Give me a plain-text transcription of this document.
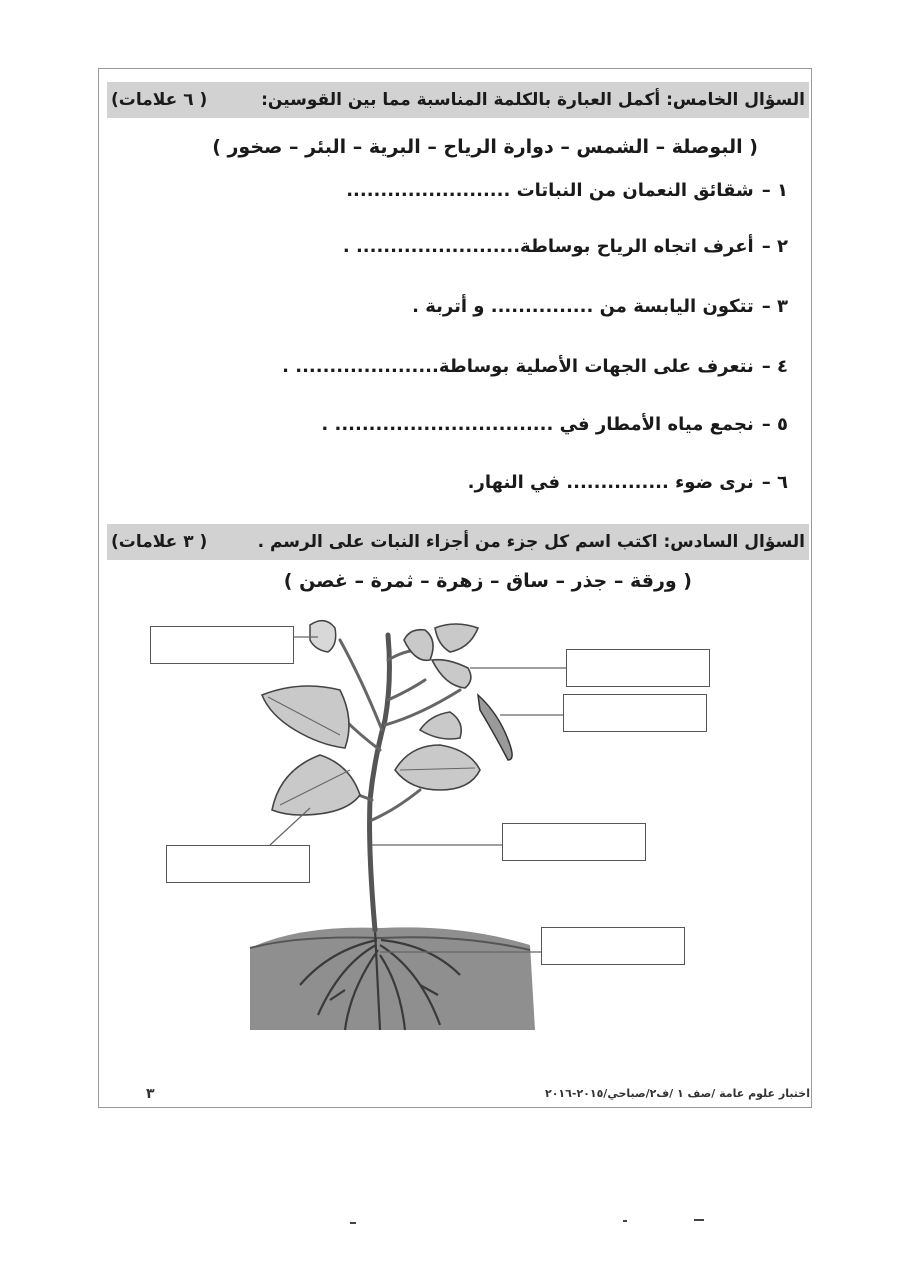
السؤال الخامس: أكمل العبارة بالكلمة المناسبة مما بين القوسين:
( ٦ علامات)
( البوصلة – الشمس – دوارة الرياح – البرية – البئر – صخور )
١ –شقائق النعمان من النباتات ........................
٢ –أعرف اتجاه الرياح بوساطة........................ .
٣ –تتكون اليابسة من ............... و أتربة .
٤ –نتعرف على الجهات الأصلية بوساطة..................... .
٥ –نجمع مياه الأمطار في ................................ .
٦ –نرى ضوء ............... في النهار.
السؤال السادس: اكتب اسم كل جزء من أجزاء النبات على الرسم .
( ٣ علامات)
( ورقة – جذر – ساق – زهرة – ثمرة – غصن )
اختبار علوم عامة /صف ١ /ف٢/صباحي/٢٠١٥-٢٠١٦
٣
